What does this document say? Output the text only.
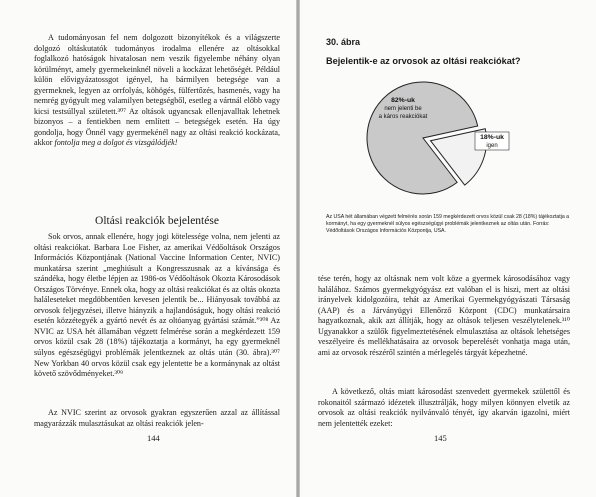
A tudományosan fel nem dolgozott bizonyítékok és a világszerte dolgozó oltáskutatók tudományos irodalma ellenére az oltásokkal foglalkozó hatóságok hivatalosan nem veszik figyelembe néhány olyan körülményt, amely gyermekeinknél növeli a kockázat lehetőségét. Például külön elővigyázatossgot igényel, ha bármilyen betegsége van a gyermeknek, legyen az orrfolyás, köhögés, fülfertőzés, hasmenés, vagy ha nemrég gyógyult meg valamilyen betegségből, esetleg a vártnál előbb vagy kicsi testsúllyal született.³⁰⁷ Az oltások ugyancsak ellenjavalltak lehetnek bizonyos – a fentiekben nem említett – betegségek esetén. Ha úgy gondolja, hogy Önnél vagy gyermekénél nagy az oltási reakció kockázata, akkor fontolja meg a dolgot és vizsgálódjék!

Oltási reakciók bejelentése

Sok orvos, annak ellenére, hogy jogi kötelessége volna, nem jelenti az oltási reakciókat. Barbara Loe Fisher, az amerikai Védőoltások Országos Információs Központjának (National Vaccine Information Center, NVIC) munkatársa szerint „meghiúsult a Kongresszusnak az a kívánsága és szándéka, hogy életbe lépjen az 1986-os Védőoltások Okozta Károsodások Országos Törvénye. Ennek oka, hogy az oltási reakciókat és az oltás okozta haláleseteket megdöbbentően kevesen jelentik be... Hiányosak továbbá az orvosok feljegyzései, illetve hiányzik a hajlandóságuk, hogy oltási reakció esetén közzétegyék a gyártó nevét és az oltóanyag gyártási számát.”³⁰⁸ Az NVIC az USA hét államában végzett felmérése során a megkérdezett 159 orvos közül csak 28 (18%) tájékoztatja a kormányt, ha egy gyermeknél súlyos egészségügyi problémák jelentkeznek az oltás után (30. ábra).³⁰⁷ New Yorkban 40 orvos közül csak egy jelentette be a kormánynak az oltást követő szövődményeket.³⁰⁹

Az NVIC szerint az orvosok gyakran egyszerűen azzal az állítással magyarázzák mulasztásukat az oltási reakciók jelen-

144
30. ábra
Bejelentik-e az orvosok az oltási reakciókat?
82%-uk
nem jelenti be
a káros reakciókat
18%-uk
igen
Az USA hét államában végzett felmérés során 159 megkérdezett orvos közül csak 28 (18%) tájékoztatja a kormányt, ha egy gyermeknél súlyos egészségügyi problémák jelentkeznek az oltás után. Forrás: Védőoltások Országos Információs Központja, USA.

tése terén, hogy az oltásnak nem volt köze a gyermek károsodásához vagy halálához. Számos gyermekgyógyász ezt valóban el is hiszi, mert az oltási irányelvek kidolgozóira, tehát az Amerikai Gyermekgyógyászati Társaság (AAP) és a Járványügyi Ellenőrző Központ (CDC) munkatársaira hagyatkoznak, akik azt állítják, hogy az oltások teljesen veszélytelenek.³¹⁰ Ugyanakkor a szülők figyelmeztetésének elmulasztása az oltások lehetséges veszélyeire és mellékhatásaira az orvosok beperelését vonhatja maga után, ami az orvosok részéről szintén a mérlegelés tárgyát képezhetné.

A következő, oltás miatt károsodást szenvedett gyermekek születtől és rokonaitól származó idézetek illusztrálják, hogy milyen könnyen elvetik az orvosok az oltási reakciók nyilvánvaló tényét, így akarván igazolni, miért nem jelentették ezeket:

145
